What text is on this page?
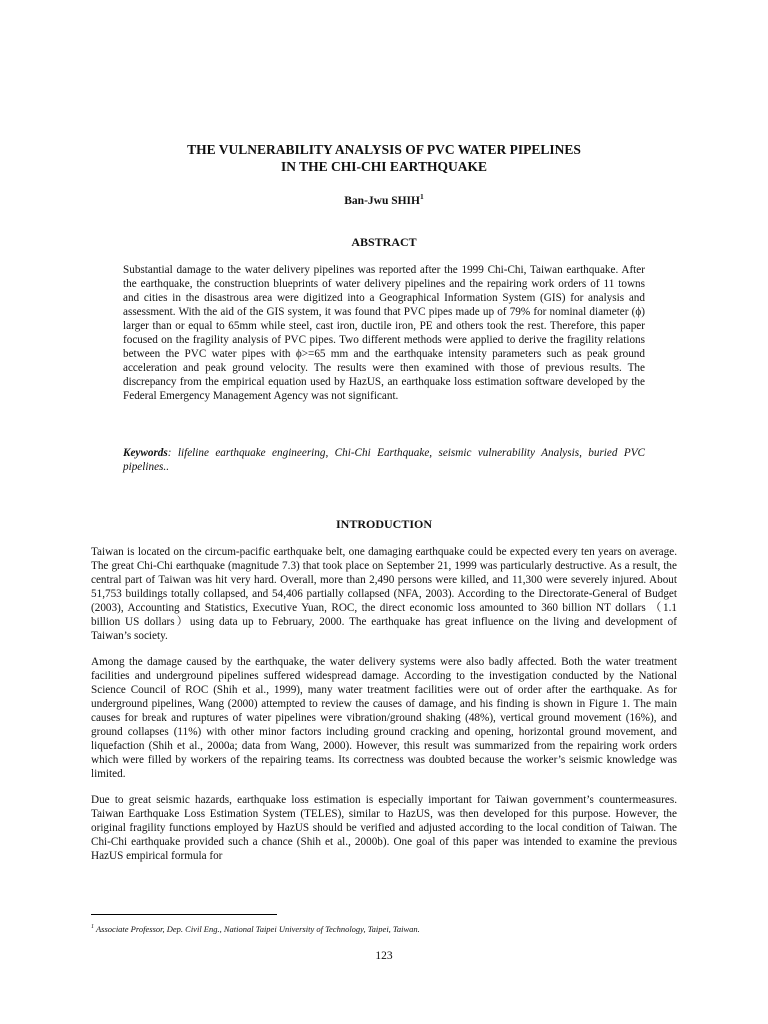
THE VULNERABILITY ANALYSIS OF PVC WATER PIPELINES
IN THE CHI-CHI EARTHQUAKE
Ban-Jwu SHIH$^1$
ABSTRACT
Substantial damage to the water delivery pipelines was reported after the 1999 Chi-Chi, Taiwan earthquake. After the earthquake, the construction blueprints of water delivery pipelines and the repairing work orders of 11 towns and cities in the disastrous area were digitized into a Geographical Information System (GIS) for analysis and assessment. With the aid of the GIS system, it was found that PVC pipes made up of 79% for nominal diameter (ϕ) larger than or equal to 65mm while steel, cast iron, ductile iron, PE and others took the rest. Therefore, this paper focused on the fragility analysis of PVC pipes. Two different methods were applied to derive the fragility relations between the PVC water pipes with ϕ>=65 mm and the earthquake intensity parameters such as peak ground acceleration and peak ground velocity. The results were then examined with those of previous results. The discrepancy from the empirical equation used by HazUS, an earthquake loss estimation software developed by the Federal Emergency Management Agency was not significant.
Keywords: lifeline earthquake engineering, Chi-Chi Earthquake, seismic vulnerability Analysis, buried PVC pipelines..
INTRODUCTION

Taiwan is located on the circum-pacific earthquake belt, one damaging earthquake could be expected every ten years on average. The great Chi-Chi earthquake (magnitude 7.3) that took place on September 21, 1999 was particularly destructive. As a result, the central part of Taiwan was hit very hard. Overall, more than 2,490 persons were killed, and 11,300 were severely injured. About 51,753 buildings totally collapsed, and 54,406 partially collapsed (NFA, 2003). According to the Directorate-General of Budget (2003), Accounting and Statistics, Executive Yuan, ROC, the direct economic loss amounted to 360 billion NT dollars （1.1 billion US dollars）using data up to February, 2000. The earthquake has great influence on the living and development of Taiwan’s society.

Among the damage caused by the earthquake, the water delivery systems were also badly affected. Both the water treatment facilities and underground pipelines suffered widespread damage. According to the investigation conducted by the National Science Council of ROC (Shih et al., 1999), many water treatment facilities were out of order after the earthquake. As for underground pipelines, Wang (2000) attempted to review the causes of damage, and his finding is shown in Figure 1. The main causes for break and ruptures of water pipelines were vibration/ground shaking (48%), vertical ground movement (16%), and ground collapses (11%) with other minor factors including ground cracking and opening, horizontal ground movement, and liquefaction (Shih et al., 2000a; data from Wang, 2000). However, this result was summarized from the repairing work orders which were filled by workers of the repairing teams. Its correctness was doubted because the worker’s seismic knowledge was limited.

Due to great seismic hazards, earthquake loss estimation is especially important for Taiwan government’s countermeasures. Taiwan Earthquake Loss Estimation System (TELES), similar to HazUS, was then developed for this purpose. However, the original fragility functions employed by HazUS should be verified and adjusted according to the local condition of Taiwan. The Chi-Chi earthquake provided such a chance (Shih et al., 2000b). One goal of this paper was intended to examine the previous HazUS empirical formula for

$^1$ Associate Professor, Dep. Civil Eng., National Taipei University of Technology, Taipei, Taiwan.
123
